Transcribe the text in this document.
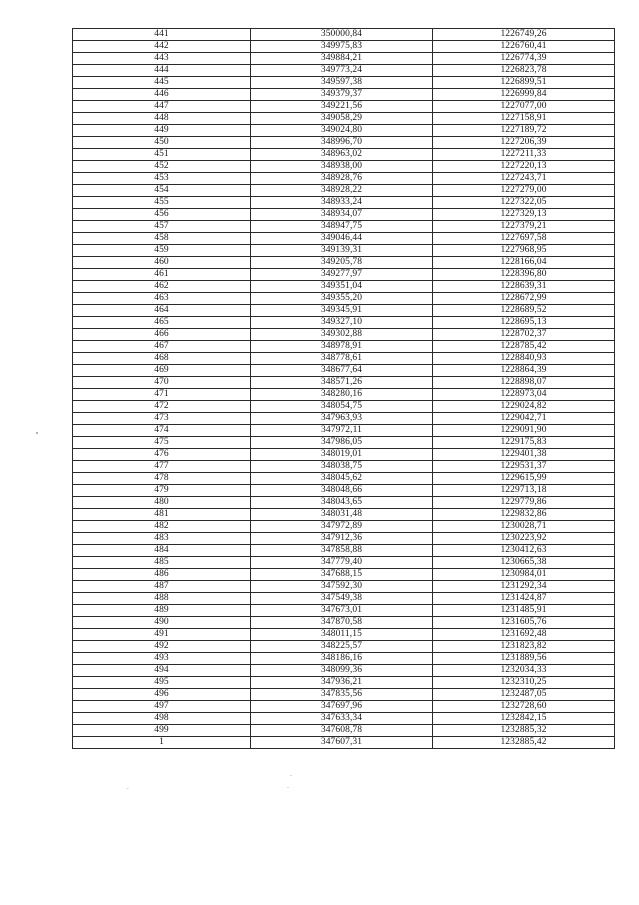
441	350000,84	1226749,26
442	349975,83	1226760,41
443	349884,21	1226774,39
444	349773,24	1226823,78
445	349597,38	1226899,51
446	349379,37	1226999,84
447	349221,56	1227077,00
448	349058,29	1227158,91
449	349024,80	1227189,72
450	348996,70	1227206,39
451	348963,02	1227211,33
452	348938,00	1227220,13
453	348928,76	1227243,71
454	348928,22	1227279,00
455	348933,24	1227322,05
456	348934,07	1227329,13
457	348947,75	1227379,21
458	349046,44	1227697,58
459	349139,31	1227968,95
460	349205,78	1228166,04
461	349277,97	1228396,80
462	349351,04	1228639,31
463	349355,20	1228672,99
464	349345,91	1228689,52
465	349327,10	1228695,13
466	349302,88	1228702,37
467	348978,91	1228785,42
468	348778,61	1228840,93
469	348677,64	1228864,39
470	348571,26	1228898,07
471	348280,16	1228973,04
472	348054,75	1229024,82
473	347963,93	1229042,71
474	347972,11	1229091,90
475	347986,05	1229175,83
476	348019,01	1229401,38
477	348038,75	1229531,37
478	348045,62	1229615,99
479	348048,66	1229713,18
480	348043,65	1229779,86
481	348031,48	1229832,86
482	347972,89	1230028,71
483	347912,36	1230223,92
484	347858,88	1230412,63
485	347779,40	1230665,38
486	347688,15	1230984,01
487	347592,30	1231292,34
488	347549,38	1231424,87
489	347673,01	1231485,91
490	347870,58	1231605,76
491	348011,15	1231692,48
492	348225,57	1231823,82
493	348186,16	1231889,56
494	348099,36	1232034,33
495	347936,21	1232310,25
496	347835,56	1232487,05
497	347697,96	1232728,60
498	347633,34	1232842,15
499	347608,78	1232885,32
1	347607,31	1232885,42
